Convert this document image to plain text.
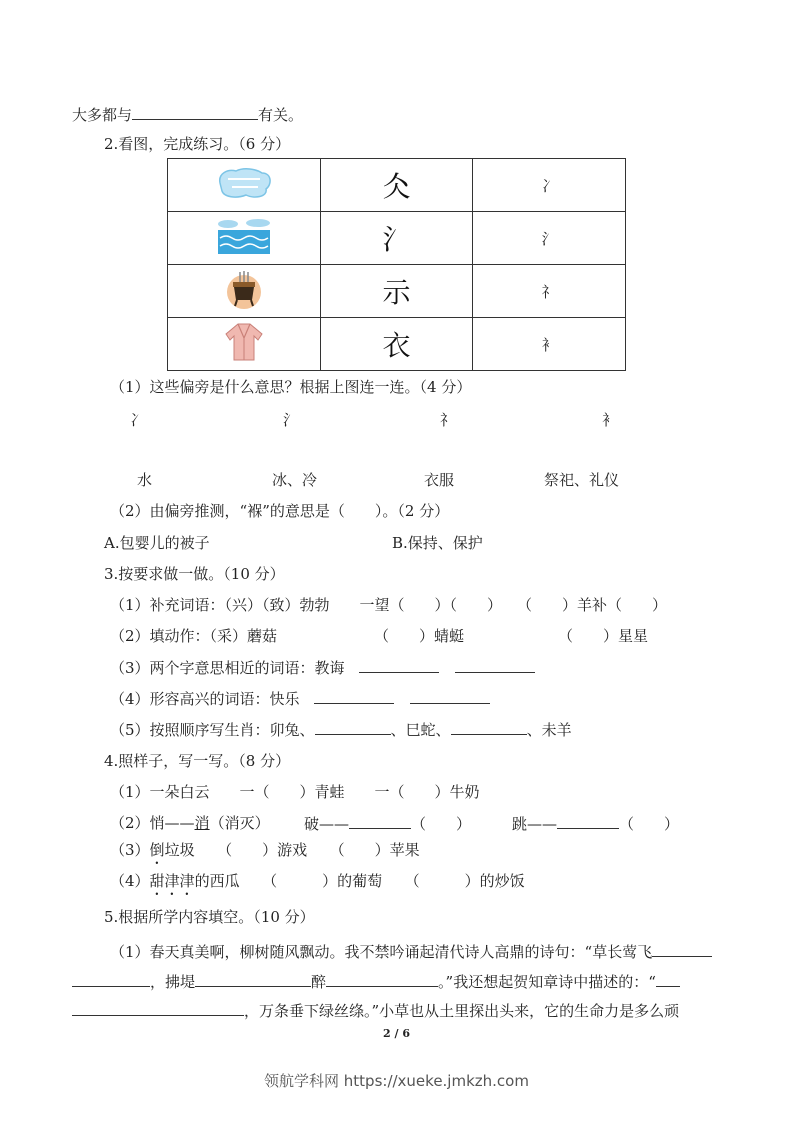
大多都与	有关。
2.看图，完成练习。（6 分）
	仌	冫
	氵	氵
	示	礻
	衣	衤
（1）这些偏旁是什么意思？根据上图连一连。（4 分）
冫	氵	礻	衤
水	冰、冷	衣服	祭祀、礼仪
（2）由偏旁推测，“褓”的意思是（　　）。（2 分）
A.包婴儿的被子	B.保持、保护
3.按要求做一做。（10 分）
（1）补充词语：（兴）（致）勃勃　　一望（　　）（　　）　　（　　）羊补（　　）
（2）填动作：（采）蘑菇	（　　）蜻蜓	（　　）星星
（3）两个字意思相近的词语：教诲
（4）形容高兴的词语：快乐
（5）按照顺序写生肖：卯兔、	、巳蛇、	、未羊
4.照样子，写一写。（8 分）
（1）一朵白云　　一（　　）青蛙　　一（　　）牛奶
（2）悄——消（消灭） 破——	（　　）	跳——	（　　）
（3）倒垃圾　　（　　）游戏　　（　　）苹果
（4）甜津津的西瓜　　（　　　）的葡萄　　（　　　）的炒饭
5.根据所学内容填空。（10 分）
（1）春天真美啊，柳树随风飘动。我不禁吟诵起清代诗人高鼎的诗句：“草长莺飞
，拂堤	醉	。”我还想起贺知章诗中描述的：“
，万条垂下绿丝绦。”小草也从土里探出头来，它的生命力是多么顽
2 / 6
领航学科网 https://xueke.jmkzh.com
